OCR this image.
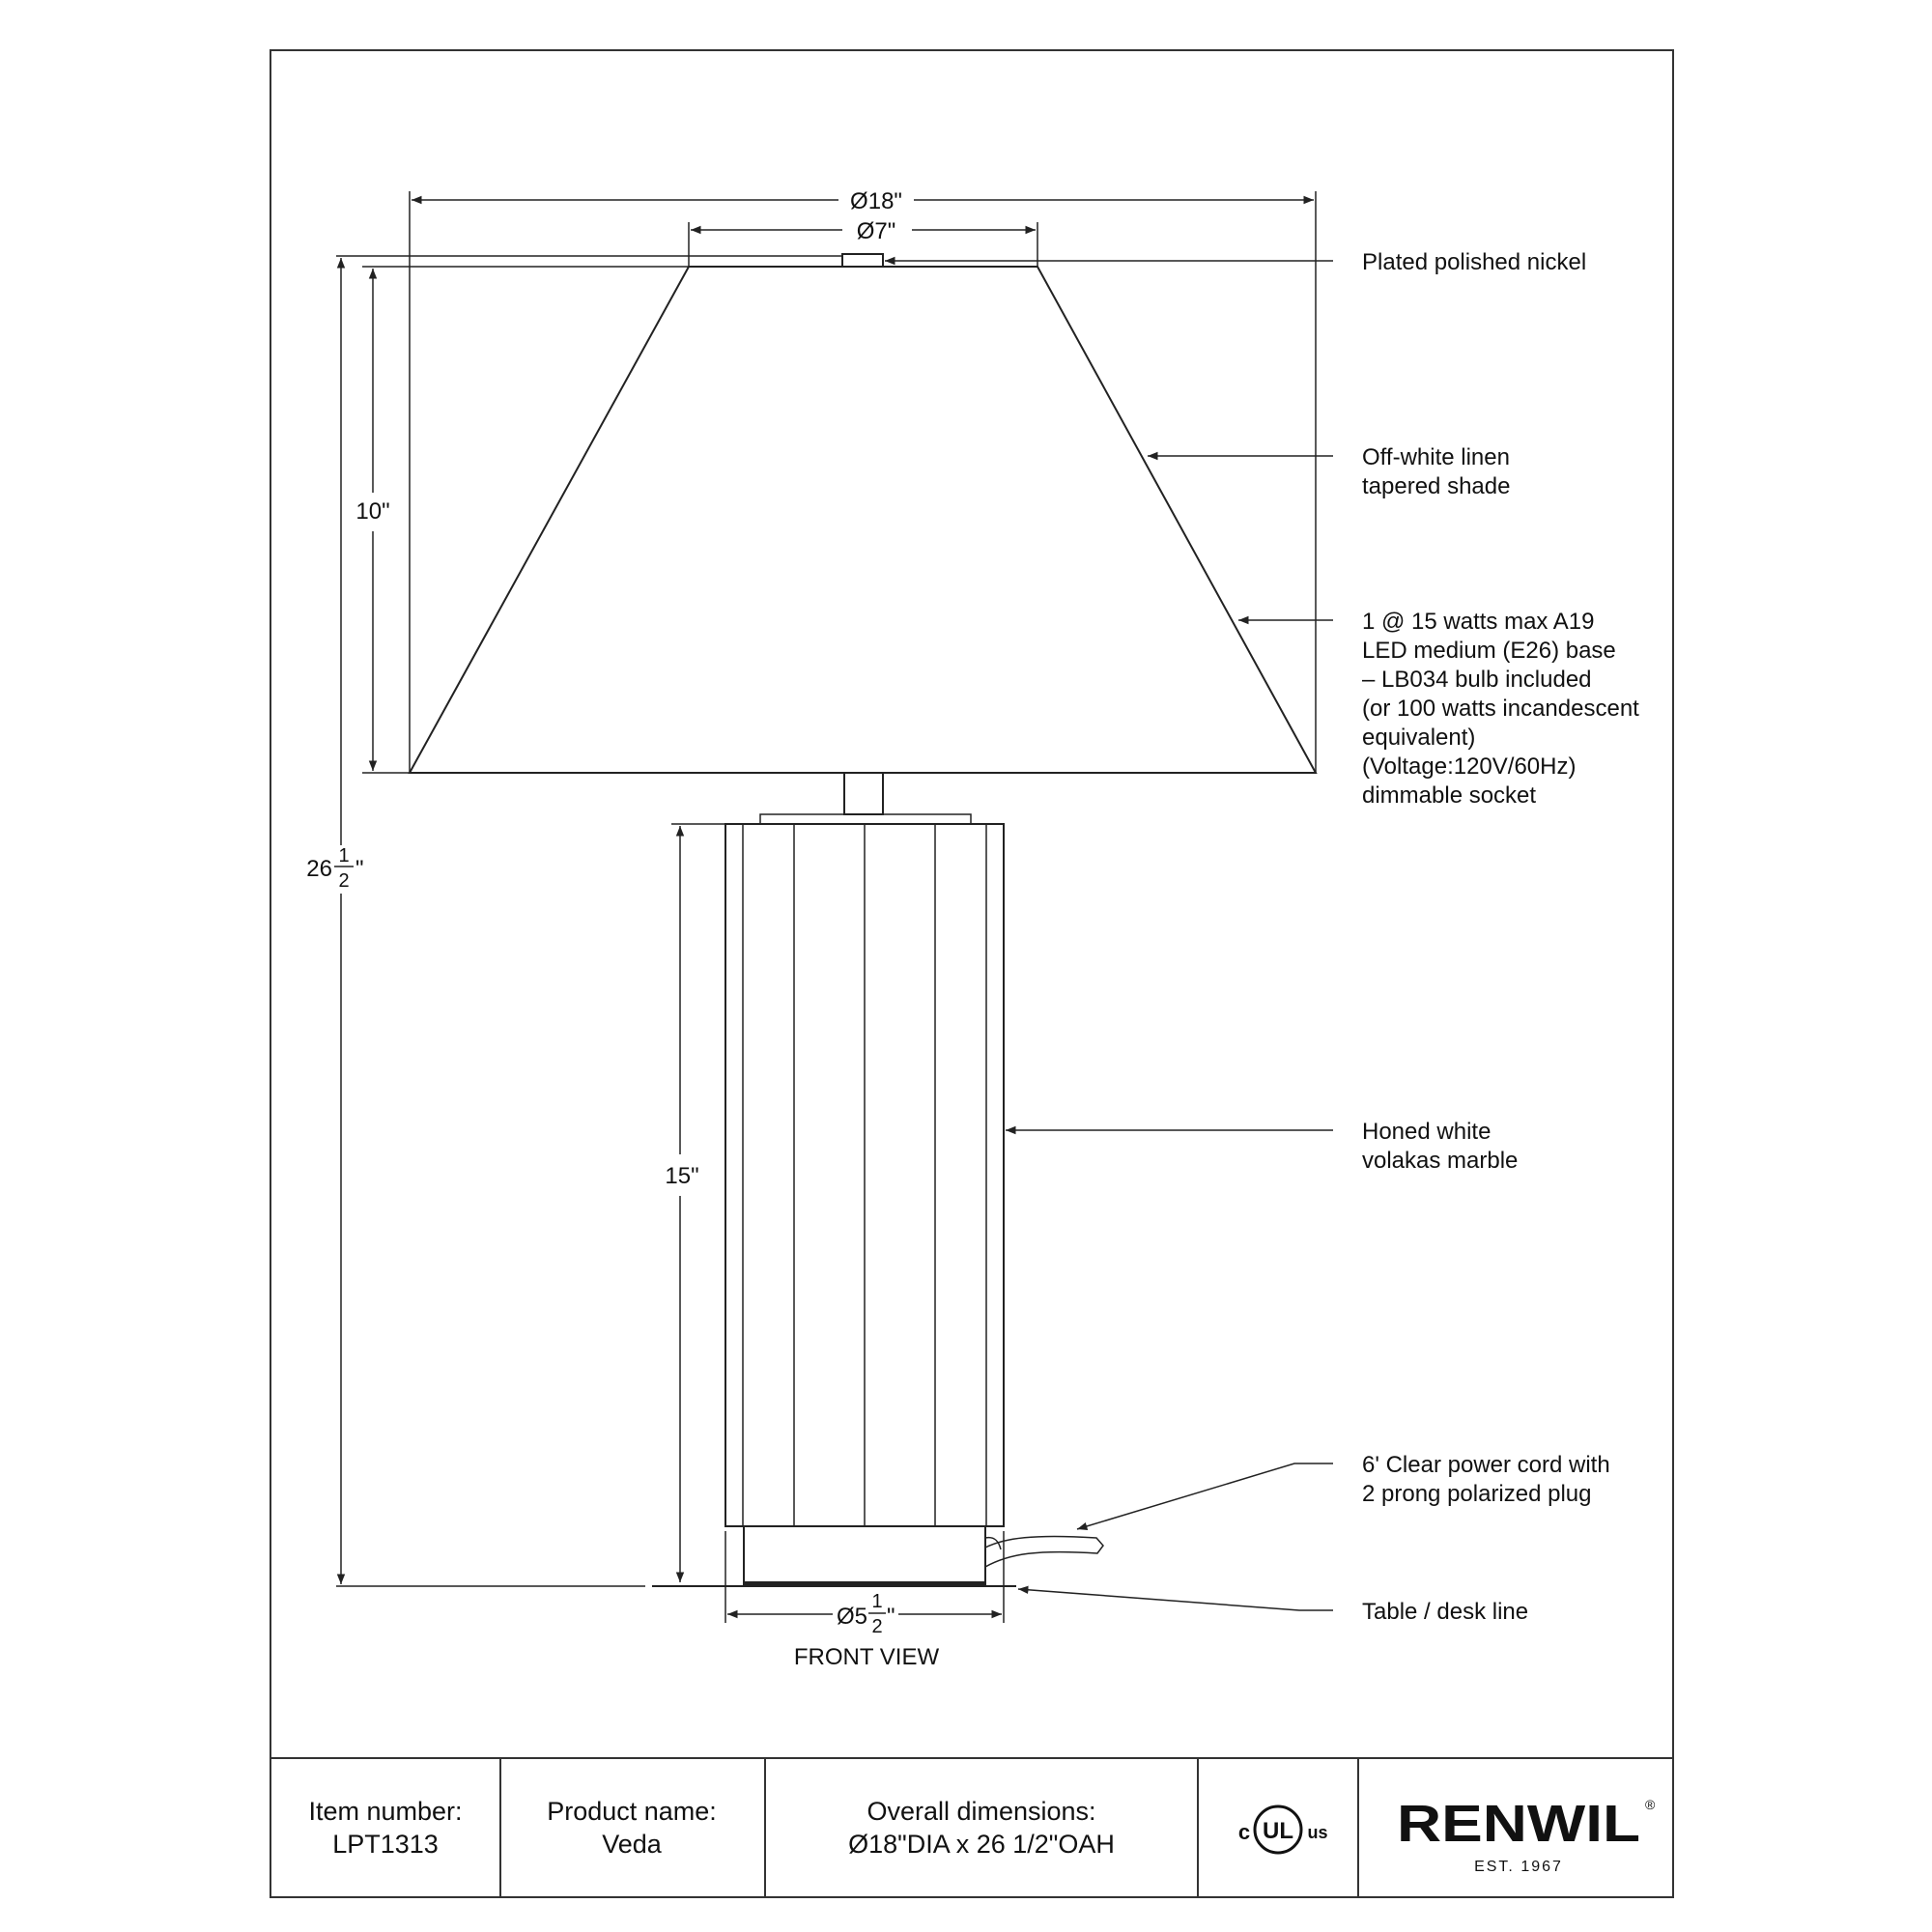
Ø18"
Ø7"
10"
26 1
2 "
15"
Ø5
1
2 "
FRONT VIEW
Plated polished nickel
Off-white linen tapered shade
1 @ 15 watts max A19 LED medium (E26) base – LB034 bulb included (or 100 watts incandescent equivalent) (Voltage:120V/60Hz) dimmable socket
Honed white volakas marble
6' Clear power cord with 2 prong polarized plug
Table / desk line
Item number:
LPT1313
Product name:
Veda
Overall dimensions:
Ø18"DIA x 26 1/2"OAH	c UL us RENWIL ®
EST. 1967
